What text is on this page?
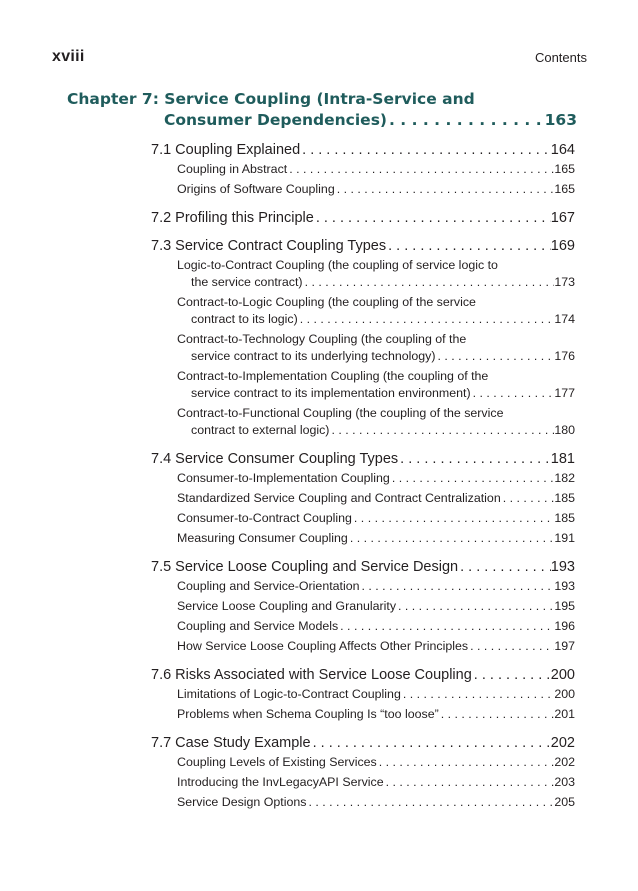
xviii	Contents
Chapter 7: Service Coupling (Intra-Service and
Consumer Dependencies) . . .	163
7.1 Coupling Explained . . .	164
Coupling in Abstract . . .	165
Origins of Software Coupling . . .	165
7.2 Profiling this Principle . . .	167
7.3 Service Contract Coupling Types . . .	169
Logic-to-Contract Coupling (the coupling of service logic to
the service contract) . . .	173
Contract-to-Logic Coupling (the coupling of the service
contract to its logic) . . .	174
Contract-to-Technology Coupling (the coupling of the
service contract to its underlying technology) . . .	176
Contract-to-Implementation Coupling (the coupling of the
service contract to its implementation environment) . . .	177
Contract-to-Functional Coupling (the coupling of the service
contract to external logic) . . .	180
7.4 Service Consumer Coupling Types . . .	181
Consumer-to-Implementation Coupling . . .	182
Standardized Service Coupling and Contract Centralization . . .	185
Consumer-to-Contract Coupling . . .	185
Measuring Consumer Coupling . . .	191
7.5 Service Loose Coupling and Service Design . . .	193
Coupling and Service-Orientation . . .	193
Service Loose Coupling and Granularity . . .	195
Coupling and Service Models . . .	196
How Service Loose Coupling Affects Other Principles . . .	197
7.6 Risks Associated with Service Loose Coupling . . .	200
Limitations of Logic-to-Contract Coupling . . .	200
Problems when Schema Coupling Is “too loose” . . .	201
7.7 Case Study Example . . .	202
Coupling Levels of Existing Services . . .	202
Introducing the InvLegacyAPI Service . . .	203
Service Design Options . . .	205
